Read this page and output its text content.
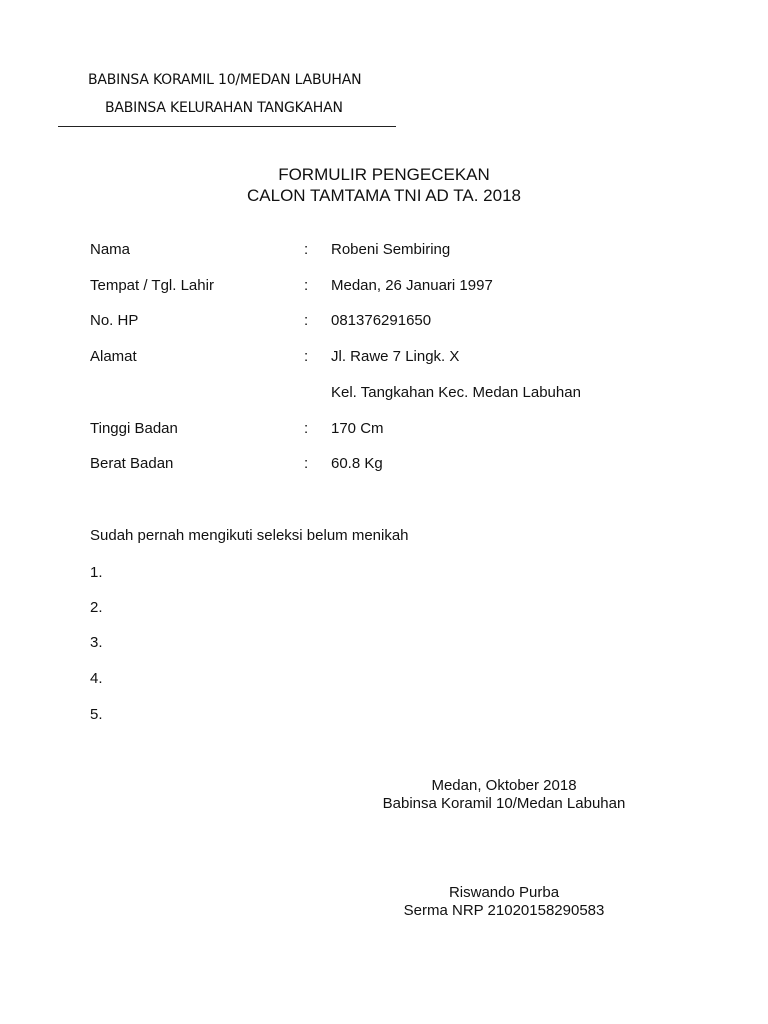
BABINSA KORAMIL 10/MEDAN LABUHAN
BABINSA KELURAHAN TANGKAHAN
FORMULIR PENGECEKAN
CALON TAMTAMA TNI AD TA. 2018
Nama	: Robeni Sembiring
Tempat / Tgl. Lahir	: Medan, 26 Januari 1997
No. HP	: 081376291650
Alamat	: Jl. Rawe 7 Lingk. X
Kel. Tangkahan Kec. Medan Labuhan
Tinggi Badan	: 170 Cm
Berat Badan	: 60.8 Kg
Sudah pernah mengikuti seleksi belum menikah
1.
2.
3.
4.
5.
Medan, Oktober 2018
Babinsa Koramil 10/Medan Labuhan
Riswando Purba
Serma NRP 21020158290583
